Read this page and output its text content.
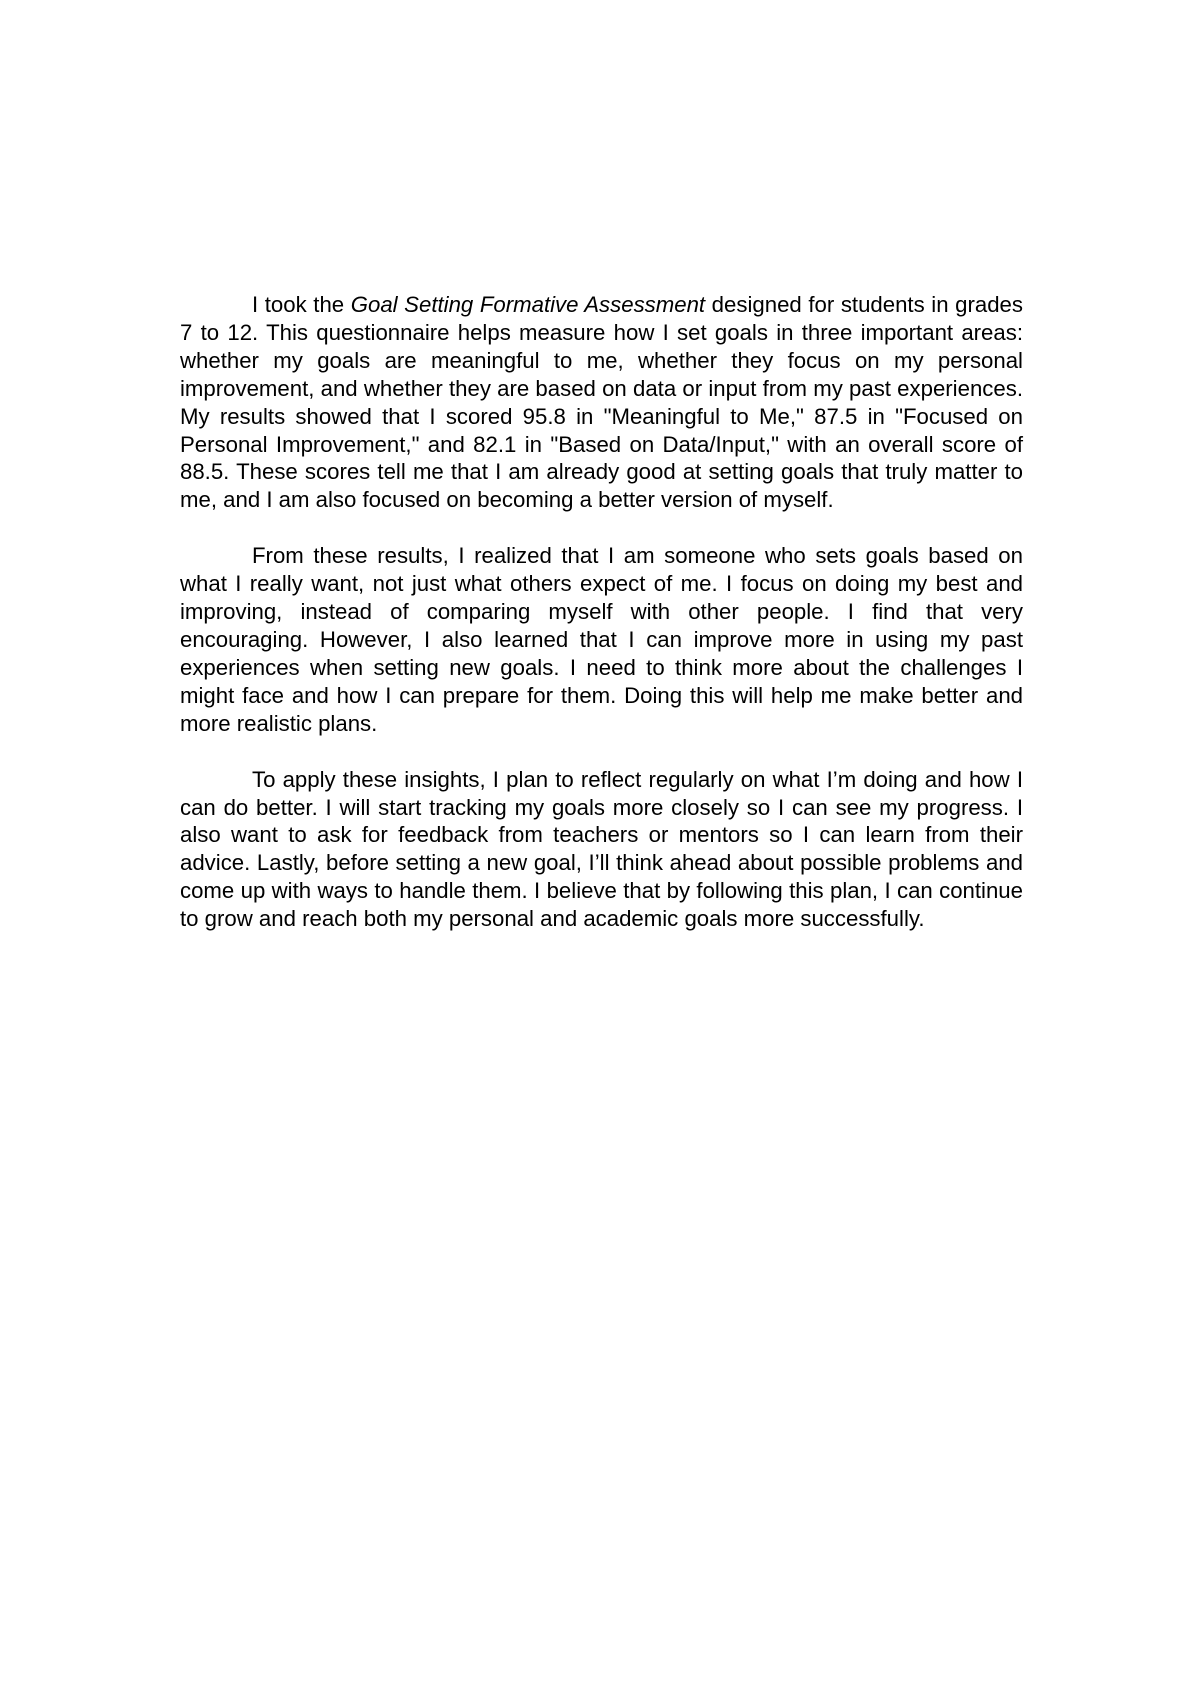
I took the Goal Setting Formative Assessment designed for students in grades 7 to 12. This questionnaire helps measure how I set goals in three important areas: whether my goals are meaningful to me, whether they focus on my personal improvement, and whether they are based on data or input from my past experiences. My results showed that I scored 95.8 in "Meaningful to Me," 87.5 in "Focused on Personal Improvement," and 82.1 in "Based on Data/Input," with an overall score of 88.5. These scores tell me that I am already good at setting goals that truly matter to me, and I am also focused on becoming a better version of myself.

From these results, I realized that I am someone who sets goals based on what I really want, not just what others expect of me. I focus on doing my best and improving, instead of comparing myself with other people. I find that very encouraging. However, I also learned that I can improve more in using my past experiences when setting new goals. I need to think more about the challenges I might face and how I can prepare for them. Doing this will help me make better and more realistic plans.

To apply these insights, I plan to reflect regularly on what I’m doing and how I can do better. I will start tracking my goals more closely so I can see my progress. I also want to ask for feedback from teachers or mentors so I can learn from their advice. Lastly, before setting a new goal, I’ll think ahead about possible problems and come up with ways to handle them. I believe that by following this plan, I can continue to grow and reach both my personal and academic goals more successfully.
